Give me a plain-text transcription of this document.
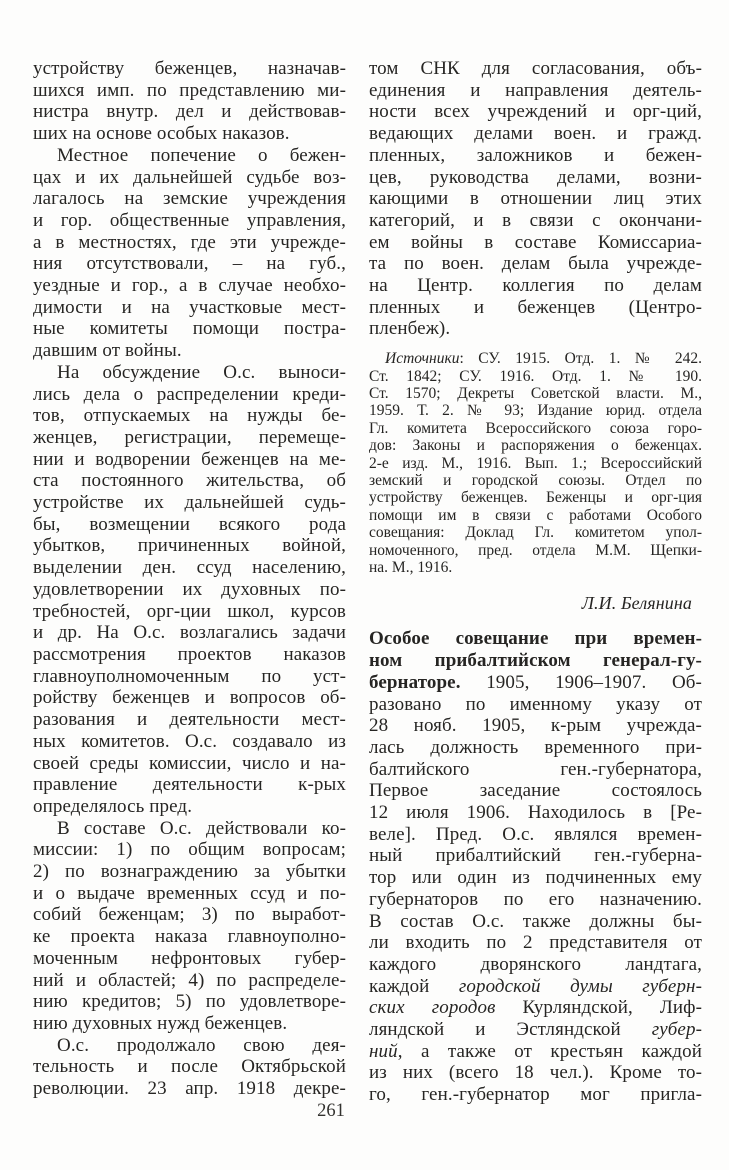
устройству беженцев, назначав-
шихся имп. по представлению ми-
нистра внутр. дел и действовав-
ших на основе особых наказов.
Местное попечение о бежен-
цах и их дальнейшей судьбе воз-
лагалось на земские учреждения
и гор. общественные управления,
а в местностях, где эти учрежде-
ния отсутствовали, – на губ.,
уездные и гор., а в случае необхо-
димости и на участковые мест-
ные комитеты помощи постра-
давшим от войны.
На обсуждение О.с. выноси-
лись дела о распределении креди-
тов, отпускаемых на нужды бе-
женцев, регистрации, перемеще-
нии и водворении беженцев на ме-
ста постоянного жительства, об
устройстве их дальнейшей судь-
бы, возмещении всякого рода
убытков, причиненных войной,
выделении ден. ссуд населению,
удовлетворении их духовных по-
требностей, орг-ции школ, курсов
и др. На О.с. возлагались задачи
рассмотрения проектов наказов
главноуполномоченным по уст-
ройству беженцев и вопросов об-
разования и деятельности мест-
ных комитетов. О.с. создавало из
своей среды комиссии, число и на-
правление деятельности к-рых
определялось пред.
В составе О.с. действовали ко-
миссии: 1) по общим вопросам;
2) по вознаграждению за убытки
и о выдаче временных ссуд и по-
собий беженцам; 3) по выработ-
ке проекта наказа главноуполно-
моченным нефронтовых губер-
ний и областей; 4) по распределе-
нию кредитов; 5) по удовлетворе-
нию духовных нужд беженцев.
О.с. продолжало свою дея-
тельность и после Октябрьской
революции. 23 апр. 1918 декре-
том СНК для согласования, объ-
единения и направления деятель-
ности всех учреждений и орг-ций,
ведающих делами воен. и гражд.
пленных, заложников и бежен-
цев, руководства делами, возни-
кающими в отношении лиц этих
категорий, и в связи с окончани-
ем войны в составе Комиссариа-
та по воен. делам была учрежде-
на Центр. коллегия по делам
пленных и беженцев (Центро-
пленбеж).
Источники: СУ. 1915. Отд. 1. № 242.
Ст. 1842; СУ. 1916. Отд. 1. № 190.
Ст. 1570; Декреты Советской власти. М.,
1959. Т. 2. № 93; Издание юрид. отдела
Гл. комитета Всероссийского союза горо-
дов: Законы и распоряжения о беженцах.
2-е изд. М., 1916. Вып. 1.; Всероссийский
земский и городской союзы. Отдел по
устройству беженцев. Беженцы и орг-ция
помощи им в связи с работами Особого
совещания: Доклад Гл. комитетом упол-
номоченного, пред. отдела М.М. Щепки-
на. М., 1916.
Л.И. Белянина
Особое совещание при времен-
ном прибалтийском генерал-гу-
бернаторе. 1905, 1906–1907. Об-
разовано по именному указу от
28 нояб. 1905, к-рым учрежда-
лась должность временного при-
балтийского ген.-губернатора,
Первое заседание состоялось
12 июля 1906. Находилось в [Ре-
веле]. Пред. О.с. являлся времен-
ный прибалтийский ген.-губерна-
тор или один из подчиненных ему
губернаторов по его назначению.
В состав О.с. также должны бы-
ли входить по 2 представителя от
каждого дворянского ландтага,
каждой городской думы губерн-
ских городов Курляндской, Лиф-
ляндской и Эстляндской губер-
ний, а также от крестьян каждой
из них (всего 18 чел.). Кроме то-
го, ген.-губернатор мог пригла-
261
